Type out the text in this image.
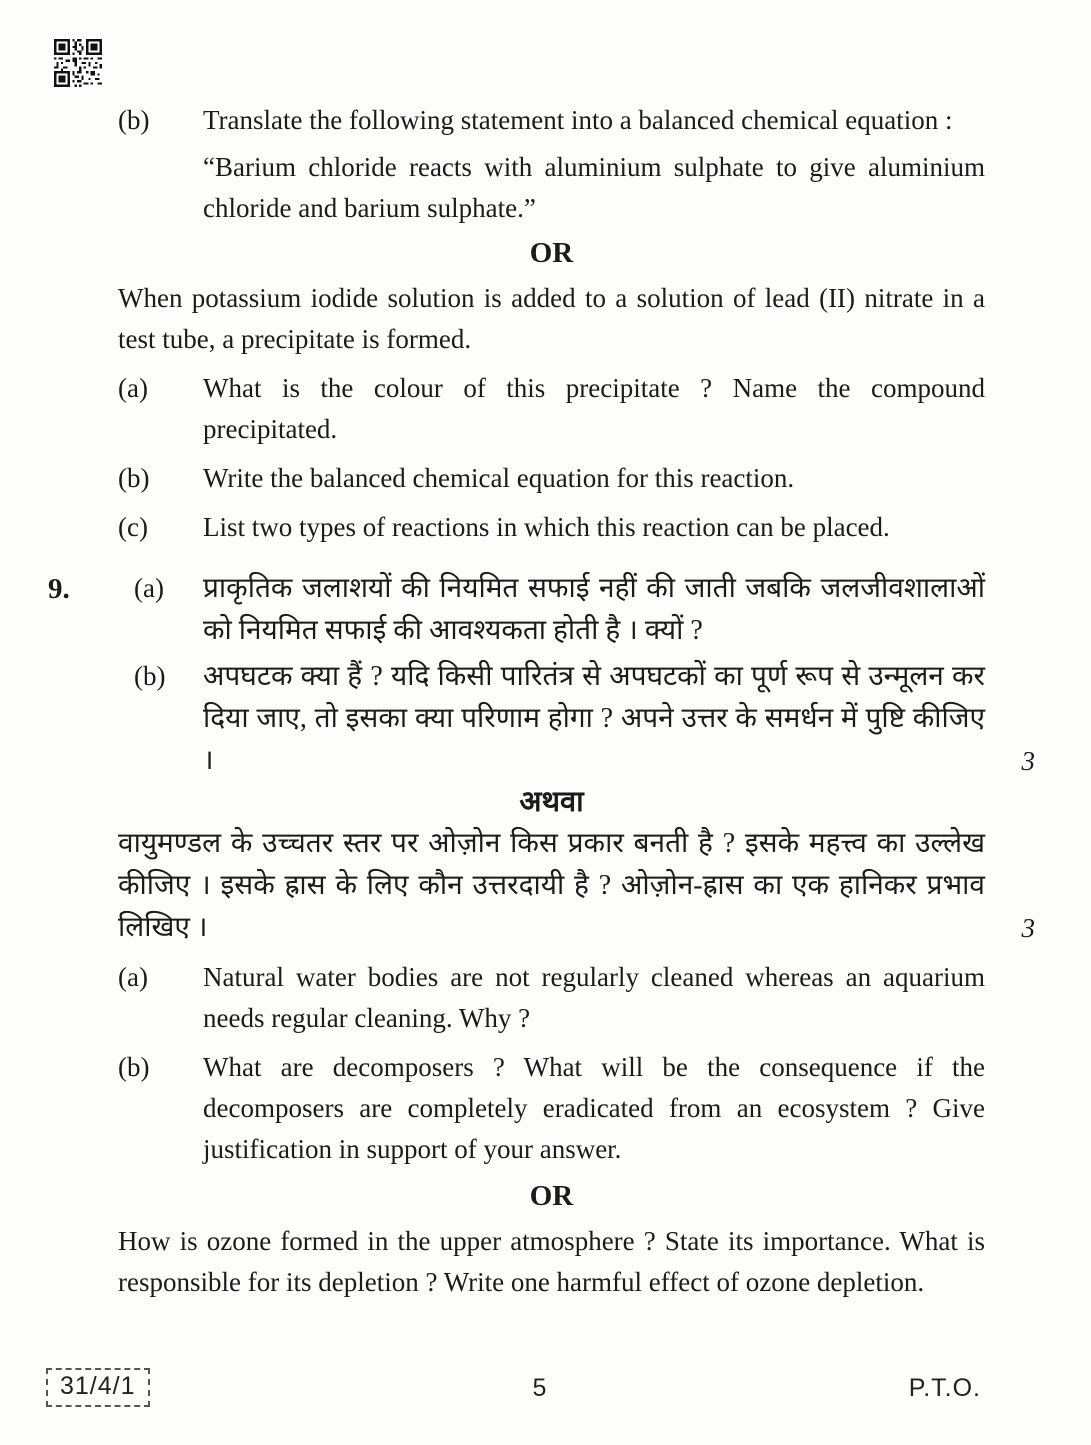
(b)	Translate the following statement into a balanced chemical equation :
“Barium chloride reacts with aluminium sulphate to give aluminium chloride and barium sulphate.”
OR
When potassium iodide solution is added to a solution of lead (II) nitrate in a test tube, a precipitate is formed.
(a)	What is the colour of this precipitate ? Name the compound precipitated.
(b)	Write the balanced chemical equation for this reaction.
(c)	List two types of reactions in which this reaction can be placed.
9.	(a)	प्राकृतिक जलाशयों की नियमित सफाई नहीं की जाती जबकि जलजीवशालाओं को नियमित सफाई की आवश्यकता होती है । क्यों ?
(b)	अपघटक क्या हैं ? यदि किसी पारितंत्र से अपघटकों का पूर्ण रूप से उन्मूलन कर दिया जाए, तो इसका क्या परिणाम होगा ? अपने उत्तर के समर्धन में पुष्टि कीजिए ।	3
अथवा
वायुमण्डल के उच्चतर स्तर पर ओज़ोन किस प्रकार बनती है ? इसके महत्त्व का उल्लेख कीजिए । इसके ह्रास के लिए कौन उत्तरदायी है ? ओज़ोन-ह्रास का एक हानिकर प्रभाव लिखिए ।	3
(a)	Natural water bodies are not regularly cleaned whereas an aquarium needs regular cleaning. Why ?
(b)	What are decomposers ? What will be the consequence if the decomposers are completely eradicated from an ecosystem ? Give justification in support of your answer.
OR
How is ozone formed in the upper atmosphere ? State its importance. What is responsible for its depletion ? Write one harmful effect of ozone depletion.
31/4/1	5	P.T.O.
